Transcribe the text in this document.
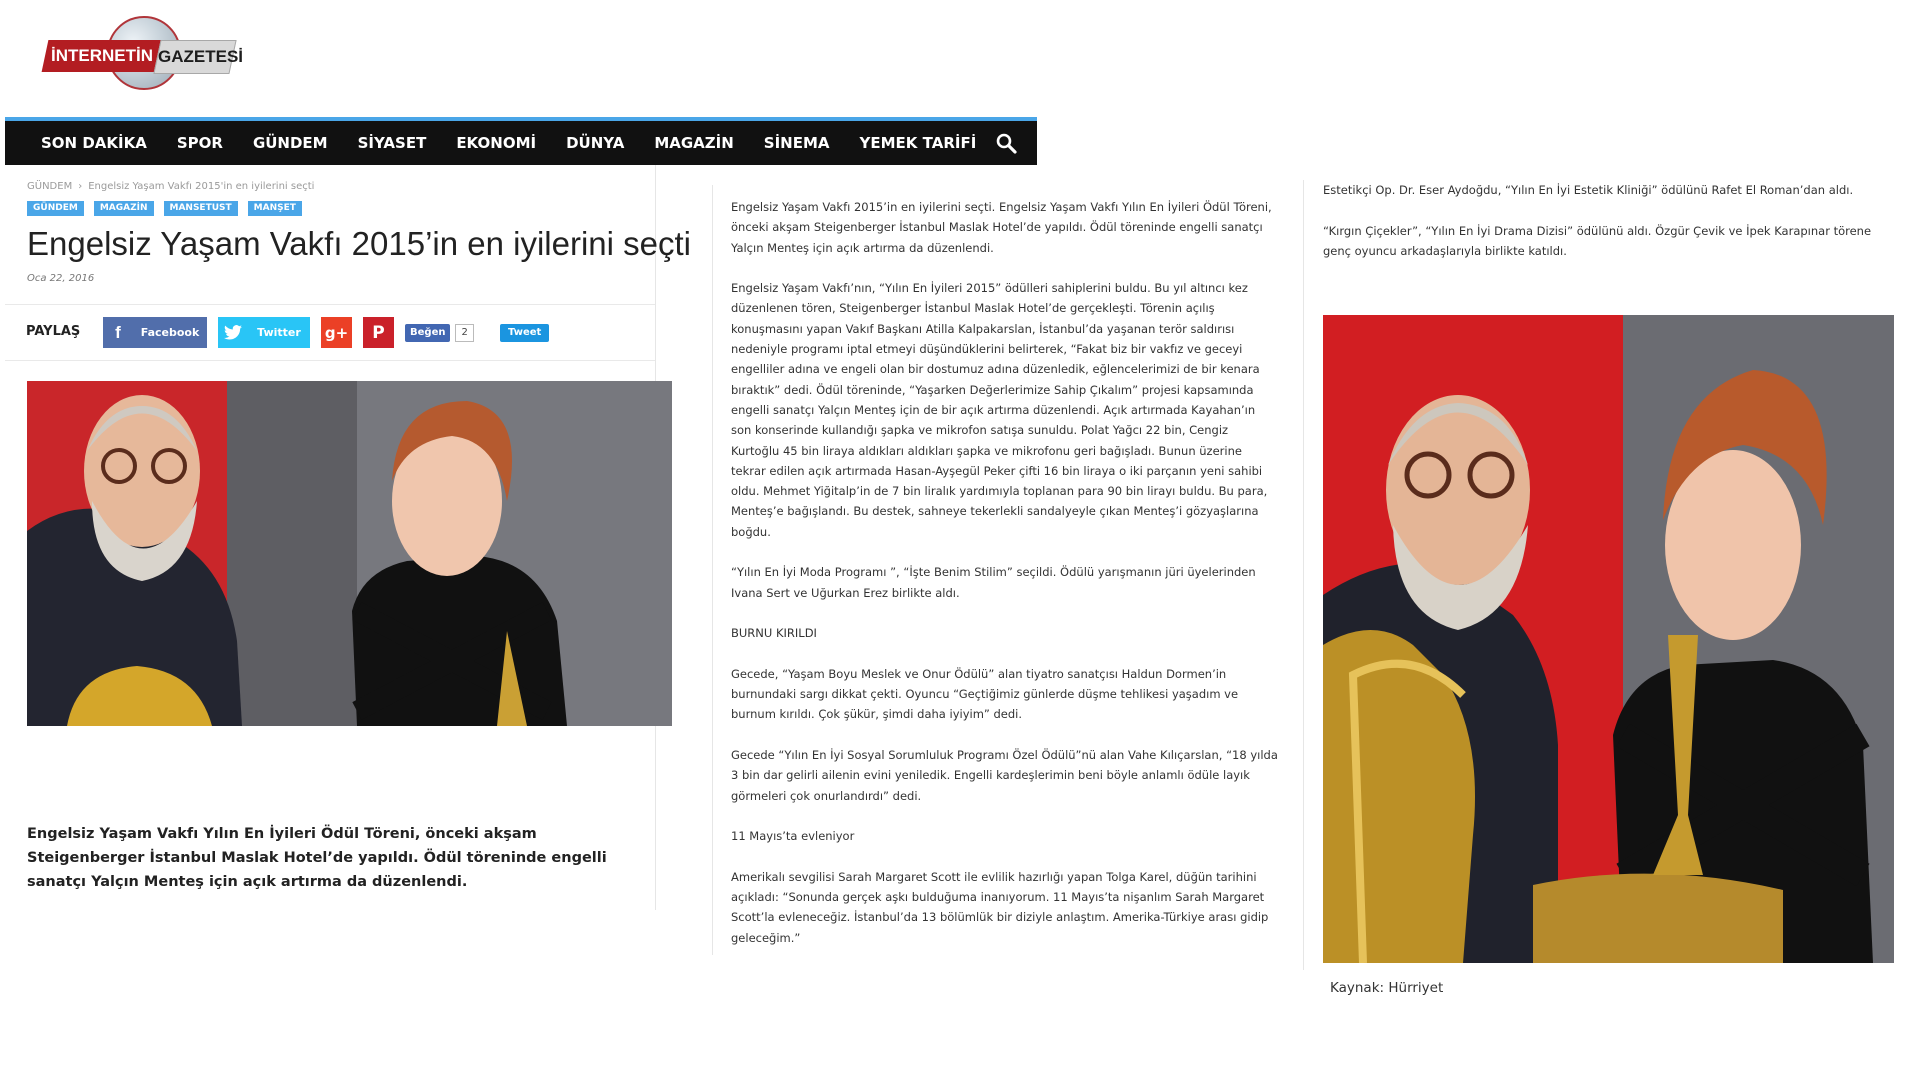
İNTERNETİN GAZETESİ
SON DAKİKA SPOR GÜNDEM SİYASET EKONOMİ DÜNYA MAGAZİN SİNEMA YEMEK TARİFİ
GÜNDEM › Engelsiz Yaşam Vakfı 2015'in en iyilerini seçti
GÜNDEM	MAGAZİN	MANSETUST	MANŞET
Engelsiz Yaşam Vakfı 2015’in en iyilerini seçti
Oca 22, 2016
PAYLAŞ	f	Facebook	Twitter	g+ P	Beğen	2	Tweet

Engelsiz Yaşam Vakfı Yılın En İyileri Ödül Töreni, önceki akşam Steigenberger İstanbul Maslak Hotel’de yapıldı. Ödül töreninde engelli sanatçı Yalçın Menteş için açık artırma da düzenlendi.

Engelsiz Yaşam Vakfı 2015’in en iyilerini seçti. Engelsiz Yaşam Vakfı Yılın En İyileri Ödül Töreni, önceki akşam Steigenberger İstanbul Maslak Hotel’de yapıldı. Ödül töreninde engelli sanatçı Yalçın Menteş için açık artırma da düzenlendi.

Engelsiz Yaşam Vakfı’nın, “Yılın En İyileri 2015” ödülleri sahiplerini buldu. Bu yıl altıncı kez düzenlenen tören, Steigenberger İstanbul Maslak Hotel’de gerçekleşti. Törenin açılış konuşmasını yapan Vakıf Başkanı Atilla Kalpakarslan, İstanbul’da yaşanan terör saldırısı nedeniyle programı iptal etmeyi düşündüklerini belirterek, “Fakat biz bir vakfız ve geceyi engelliler adına ve engeli olan bir dostumuz adına düzenledik, eğlencelerimizi de bir kenara bıraktık” dedi. Ödül töreninde, “Yaşarken Değerlerimize Sahip Çıkalım” projesi kapsamında engelli sanatçı Yalçın Menteş için de bir açık artırma düzenlendi. Açık artırmada Kayahan’ın son konserinde kullandığı şapka ve mikrofon satışa sunuldu. Polat Yağcı 22 bin, Cengiz Kurtoğlu 45 bin liraya aldıkları aldıkları şapka ve mikrofonu geri bağışladı. Bunun üzerine tekrar edilen açık artırmada Hasan-Ayşegül Peker çifti 16 bin liraya o iki parçanın yeni sahibi oldu. Mehmet Yiğitalp’in de 7 bin liralık yardımıyla toplanan para 90 bin lirayı buldu. Bu para, Menteş’e bağışlandı. Bu destek, sahneye tekerlekli sandalyeyle çıkan Menteş’i gözyaşlarına boğdu.

“Yılın En İyi Moda Programı ”, “İşte Benim Stilim” seçildi. Ödülü yarışmanın jüri üyelerinden Ivana Sert ve Uğurkan Erez birlikte aldı.

BURNU KIRILDI

Gecede, “Yaşam Boyu Meslek ve Onur Ödülü” alan tiyatro sanatçısı Haldun Dormen’in burnundaki sargı dikkat çekti. Oyuncu “Geçtiğimiz günlerde düşme tehlikesi yaşadım ve burnum kırıldı. Çok şükür, şimdi daha iyiyim” dedi.

Gecede “Yılın En İyi Sosyal Sorumluluk Programı Özel Ödülü”nü alan Vahe Kılıçarslan, “18 yılda 3 bin dar gelirli ailenin evini yeniledik. Engelli kardeşlerimin beni böyle anlamlı ödüle layık görmeleri çok onurlandırdı” dedi.

11 Mayıs’ta evleniyor

Amerikalı sevgilisi Sarah Margaret Scott ile evlilik hazırlığı yapan Tolga Karel, düğün tarihini açıkladı: “Sonunda gerçek aşkı bulduğuma inanıyorum. 11 Mayıs’ta nişanlım Sarah Margaret Scott’la evleneceğiz. İstanbul’da 13 bölümlük bir diziyle anlaştım. Amerika-Türkiye arası gidip geleceğim.”

Estetikçi Op. Dr. Eser Aydoğdu, “Yılın En İyi Estetik Kliniği” ödülünü Rafet El Roman’dan aldı.

“Kırgın Çiçekler”, “Yılın En İyi Drama Dizisi” ödülünü aldı. Özgür Çevik ve İpek Karapınar törene genç oyuncu arkadaşlarıyla birlikte katıldı.

Kaynak: Hürriyet
